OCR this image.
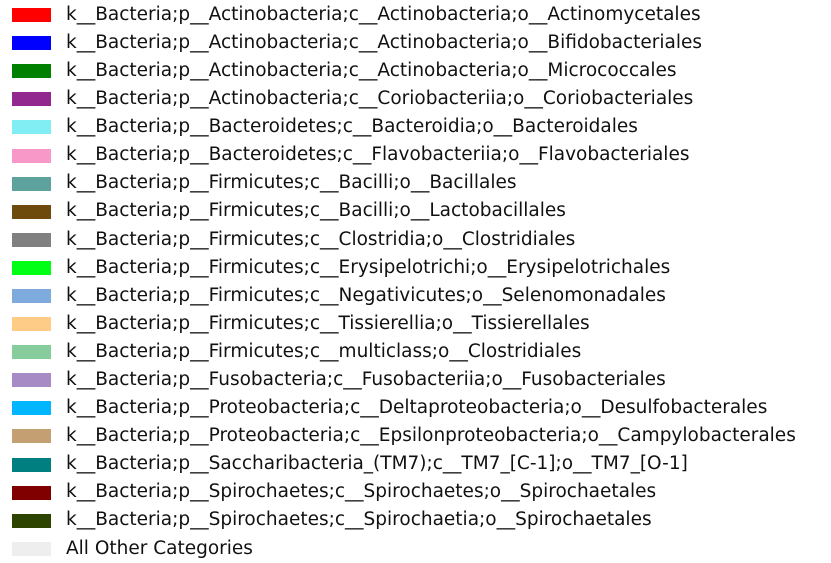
k__Bacteria;p__Actinobacteria;c__Actinobacteria;o__Actinomycetales
k__Bacteria;p__Actinobacteria;c__Actinobacteria;o__Bifidobacteriales
k__Bacteria;p__Actinobacteria;c__Actinobacteria;o__Micrococcales
k__Bacteria;p__Actinobacteria;c__Coriobacteriia;o__Coriobacteriales
k__Bacteria;p__Bacteroidetes;c__Bacteroidia;o__Bacteroidales
k__Bacteria;p__Bacteroidetes;c__Flavobacteriia;o__Flavobacteriales
k__Bacteria;p__Firmicutes;c__Bacilli;o__Bacillales
k__Bacteria;p__Firmicutes;c__Bacilli;o__Lactobacillales
k__Bacteria;p__Firmicutes;c__Clostridia;o__Clostridiales
k__Bacteria;p__Firmicutes;c__Erysipelotrichi;o__Erysipelotrichales
k__Bacteria;p__Firmicutes;c__Negativicutes;o__Selenomonadales
k__Bacteria;p__Firmicutes;c__Tissierellia;o__Tissierellales
k__Bacteria;p__Firmicutes;c__multiclass;o__Clostridiales
k__Bacteria;p__Fusobacteria;c__Fusobacteriia;o__Fusobacteriales
k__Bacteria;p__Proteobacteria;c__Deltaproteobacteria;o__Desulfobacterales
k__Bacteria;p__Proteobacteria;c__Epsilonproteobacteria;o__Campylobacterales
k__Bacteria;p__Saccharibacteria_(TM7);c__TM7_[C-1];o__TM7_[O-1]
k__Bacteria;p__Spirochaetes;c__Spirochaetes;o__Spirochaetales
k__Bacteria;p__Spirochaetes;c__Spirochaetia;o__Spirochaetales
All Other Categories
